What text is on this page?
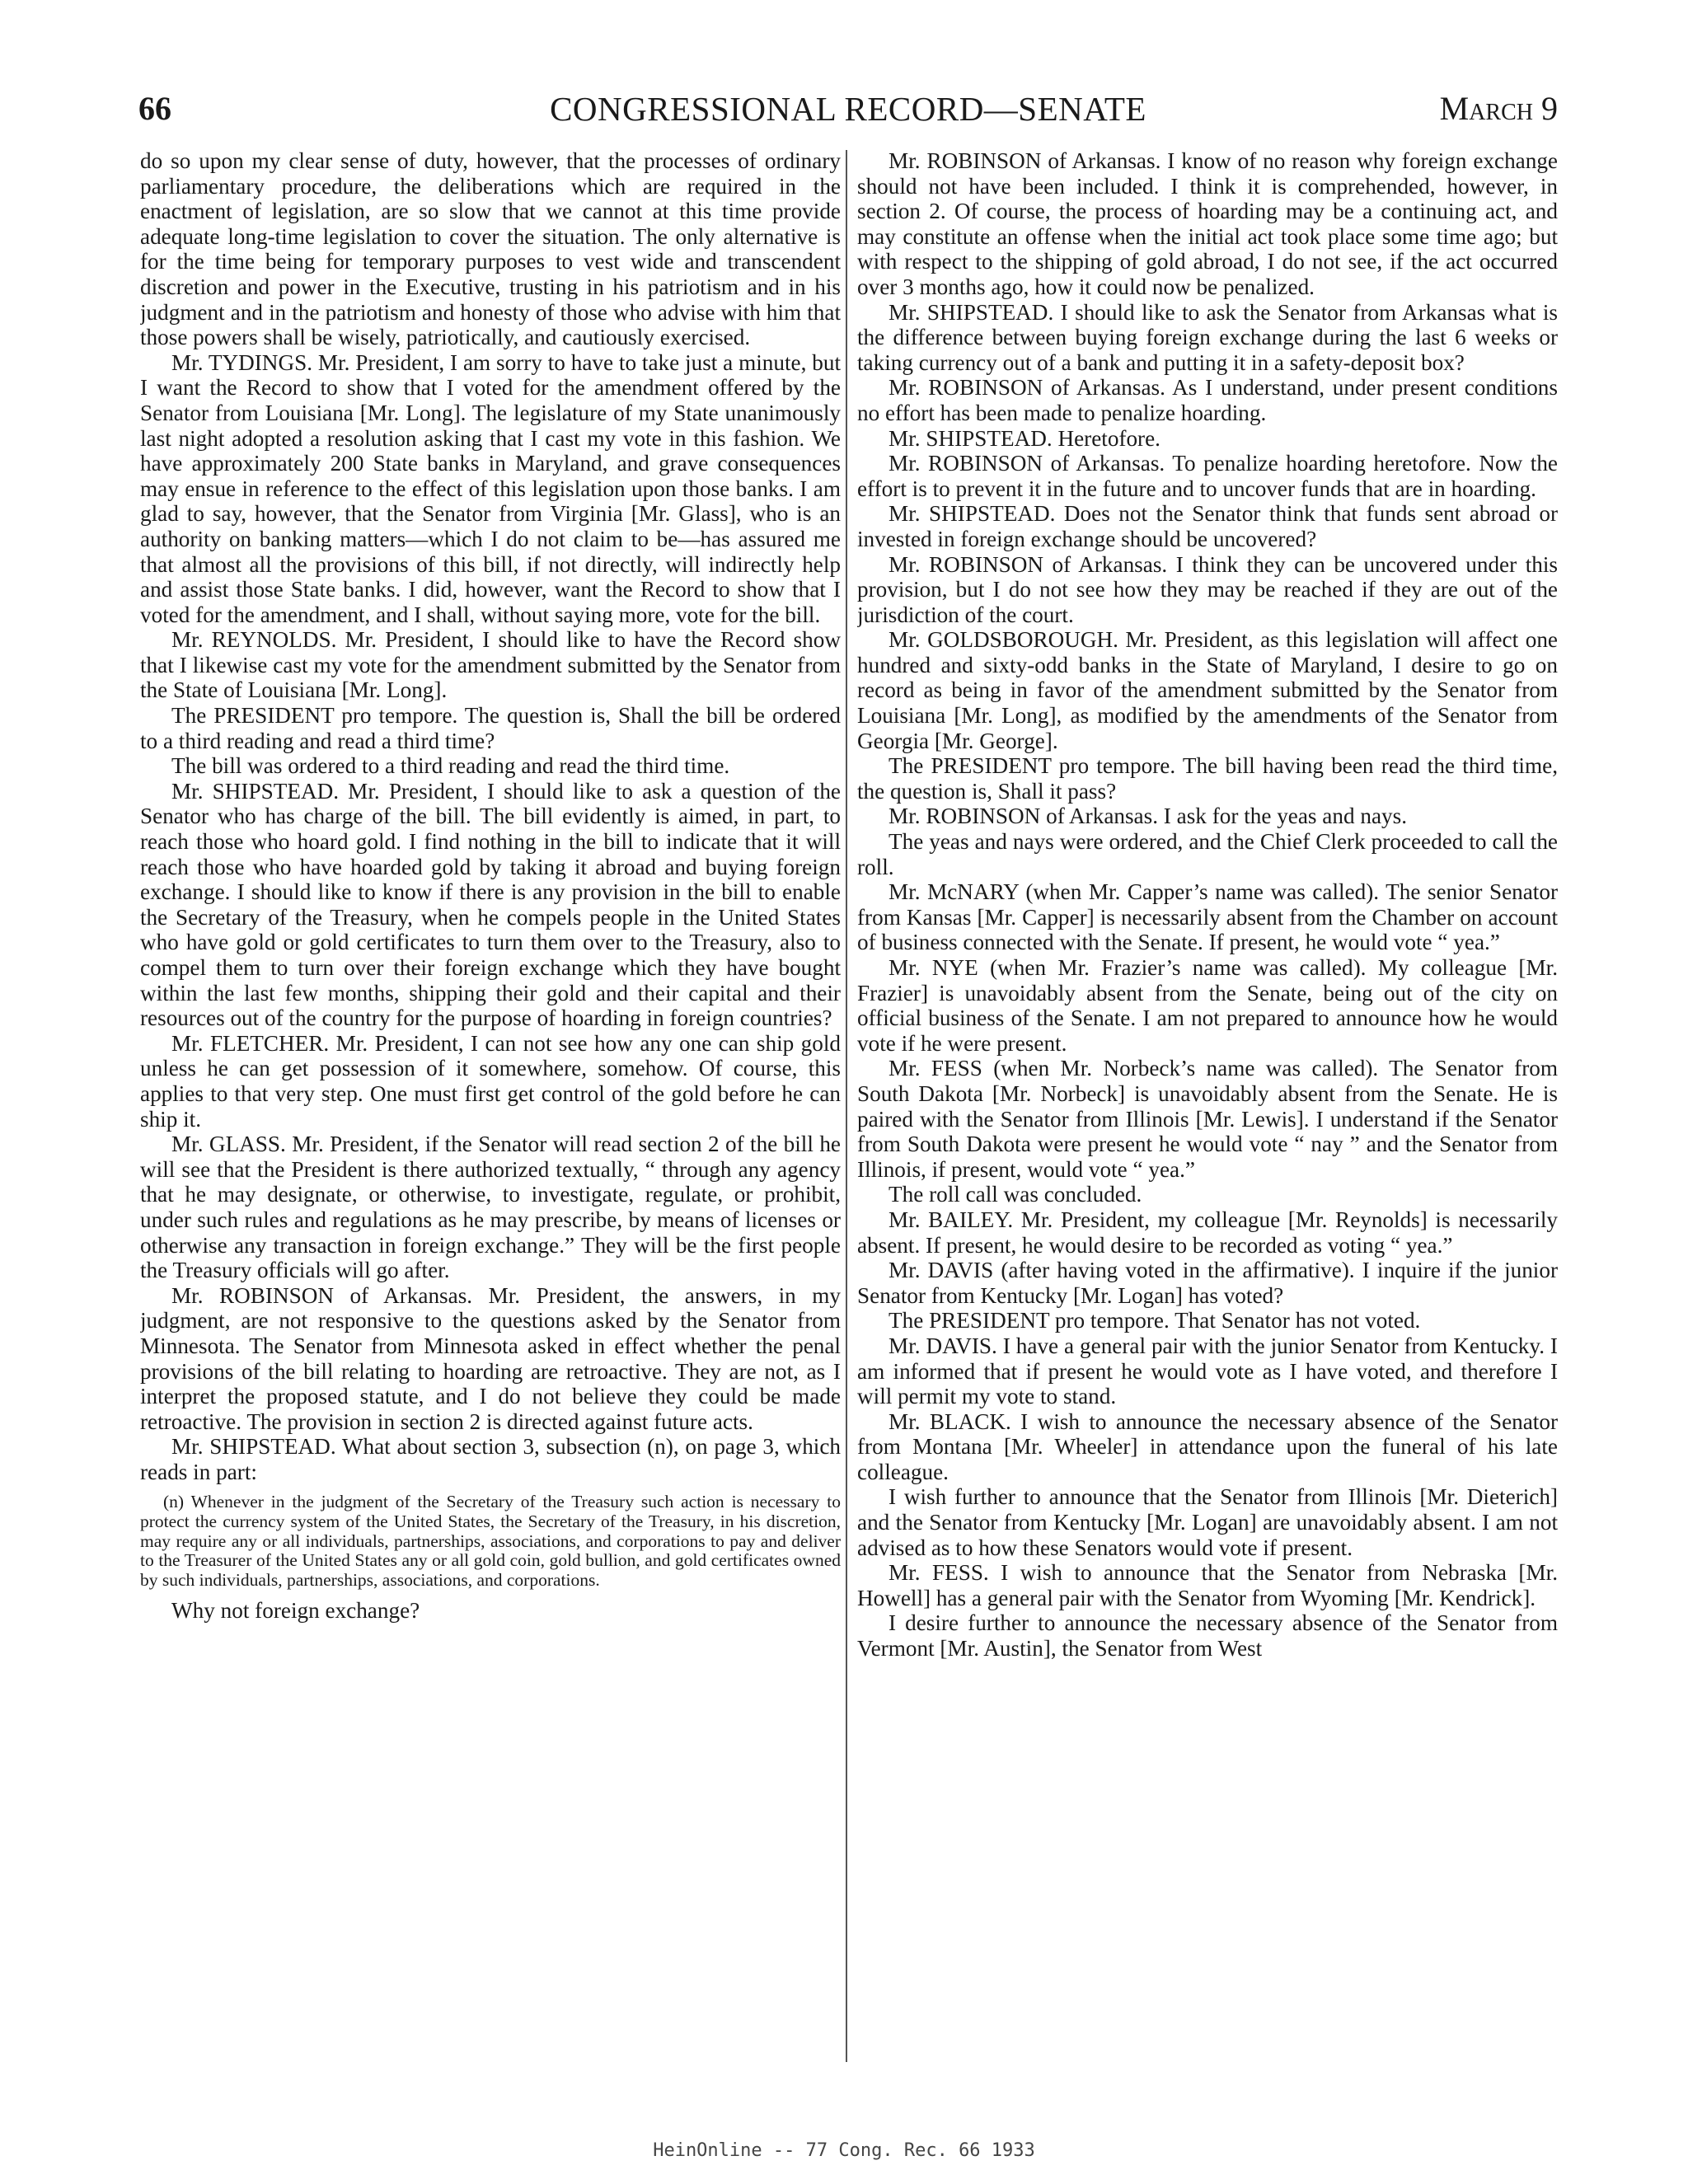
66	CONGRESSIONAL RECORD—SENATE	March 9

do so upon my clear sense of duty, however, that the processes of ordinary parliamentary procedure, the deliberations which are required in the enactment of legislation, are so slow that we cannot at this time provide adequate long-time legislation to cover the situation. The only alternative is for the time being for temporary purposes to vest wide and transcendent discretion and power in the Executive, trusting in his patriotism and in his judgment and in the patriotism and honesty of those who advise with him that those powers shall be wisely, patriotically, and cautiously exercised.

Mr. TYDINGS. Mr. President, I am sorry to have to take just a minute, but I want the Record to show that I voted for the amendment offered by the Senator from Louisiana [Mr. Long]. The legislature of my State unanimously last night adopted a resolution asking that I cast my vote in this fashion. We have approximately 200 State banks in Maryland, and grave consequences may ensue in reference to the effect of this legislation upon those banks. I am glad to say, however, that the Senator from Virginia [Mr. Glass], who is an authority on banking matters—which I do not claim to be—has assured me that almost all the provisions of this bill, if not directly, will indirectly help and assist those State banks. I did, however, want the Record to show that I voted for the amendment, and I shall, without saying more, vote for the bill.

Mr. REYNOLDS. Mr. President, I should like to have the Record show that I likewise cast my vote for the amendment submitted by the Senator from the State of Louisiana [Mr. Long].

The PRESIDENT pro tempore. The question is, Shall the bill be ordered to a third reading and read a third time?

The bill was ordered to a third reading and read the third time.

Mr. SHIPSTEAD. Mr. President, I should like to ask a question of the Senator who has charge of the bill. The bill evidently is aimed, in part, to reach those who hoard gold. I find nothing in the bill to indicate that it will reach those who have hoarded gold by taking it abroad and buying foreign exchange. I should like to know if there is any provision in the bill to enable the Secretary of the Treasury, when he compels people in the United States who have gold or gold certificates to turn them over to the Treasury, also to compel them to turn over their foreign exchange which they have bought within the last few months, shipping their gold and their capital and their resources out of the country for the purpose of hoarding in foreign countries?

Mr. FLETCHER. Mr. President, I can not see how any one can ship gold unless he can get possession of it somewhere, somehow. Of course, this applies to that very step. One must first get control of the gold before he can ship it.

Mr. GLASS. Mr. President, if the Senator will read section 2 of the bill he will see that the President is there authorized textually, “ through any agency that he may designate, or otherwise, to investigate, regulate, or prohibit, under such rules and regulations as he may prescribe, by means of licenses or otherwise any transaction in foreign exchange.” They will be the first people the Treasury officials will go after.

Mr. ROBINSON of Arkansas. Mr. President, the answers, in my judgment, are not responsive to the questions asked by the Senator from Minnesota. The Senator from Minnesota asked in effect whether the penal provisions of the bill relating to hoarding are retroactive. They are not, as I interpret the proposed statute, and I do not believe they could be made retroactive. The provision in section 2 is directed against future acts.

Mr. SHIPSTEAD. What about section 3, subsection (n), on page 3, which reads in part:

(n) Whenever in the judgment of the Secretary of the Treasury such action is necessary to protect the currency system of the United States, the Secretary of the Treasury, in his discretion, may require any or all individuals, partnerships, associations, and corporations to pay and deliver to the Treasurer of the United States any or all gold coin, gold bullion, and gold certificates owned by such individuals, partnerships, associations, and corporations.

Why not foreign exchange?

Mr. ROBINSON of Arkansas. I know of no reason why foreign exchange should not have been included. I think it is comprehended, however, in section 2. Of course, the process of hoarding may be a continuing act, and may constitute an offense when the initial act took place some time ago; but with respect to the shipping of gold abroad, I do not see, if the act occurred over 3 months ago, how it could now be penalized.

Mr. SHIPSTEAD. I should like to ask the Senator from Arkansas what is the difference between buying foreign exchange during the last 6 weeks or taking currency out of a bank and putting it in a safety-deposit box?

Mr. ROBINSON of Arkansas. As I understand, under present conditions no effort has been made to penalize hoarding.

Mr. SHIPSTEAD. Heretofore.

Mr. ROBINSON of Arkansas. To penalize hoarding heretofore. Now the effort is to prevent it in the future and to uncover funds that are in hoarding.

Mr. SHIPSTEAD. Does not the Senator think that funds sent abroad or invested in foreign exchange should be uncovered?

Mr. ROBINSON of Arkansas. I think they can be uncovered under this provision, but I do not see how they may be reached if they are out of the jurisdiction of the court.

Mr. GOLDSBOROUGH. Mr. President, as this legislation will affect one hundred and sixty-odd banks in the State of Maryland, I desire to go on record as being in favor of the amendment submitted by the Senator from Louisiana [Mr. Long], as modified by the amendments of the Senator from Georgia [Mr. George].

The PRESIDENT pro tempore. The bill having been read the third time, the question is, Shall it pass?

Mr. ROBINSON of Arkansas. I ask for the yeas and nays.

The yeas and nays were ordered, and the Chief Clerk proceeded to call the roll.

Mr. McNARY (when Mr. Capper’s name was called). The senior Senator from Kansas [Mr. Capper] is necessarily absent from the Chamber on account of business connected with the Senate. If present, he would vote “ yea.”

Mr. NYE (when Mr. Frazier’s name was called). My colleague [Mr. Frazier] is unavoidably absent from the Senate, being out of the city on official business of the Senate. I am not prepared to announce how he would vote if he were present.

Mr. FESS (when Mr. Norbeck’s name was called). The Senator from South Dakota [Mr. Norbeck] is unavoidably absent from the Senate. He is paired with the Senator from Illinois [Mr. Lewis]. I understand if the Senator from South Dakota were present he would vote “ nay ” and the Senator from Illinois, if present, would vote “ yea.”

The roll call was concluded.

Mr. BAILEY. Mr. President, my colleague [Mr. Reynolds] is necessarily absent. If present, he would desire to be recorded as voting “ yea.”

Mr. DAVIS (after having voted in the affirmative). I inquire if the junior Senator from Kentucky [Mr. Logan] has voted?

The PRESIDENT pro tempore. That Senator has not voted.

Mr. DAVIS. I have a general pair with the junior Senator from Kentucky. I am informed that if present he would vote as I have voted, and therefore I will permit my vote to stand.

Mr. BLACK. I wish to announce the necessary absence of the Senator from Montana [Mr. Wheeler] in attendance upon the funeral of his late colleague.

I wish further to announce that the Senator from Illinois [Mr. Dieterich] and the Senator from Kentucky [Mr. Logan] are unavoidably absent. I am not advised as to how these Senators would vote if present.

Mr. FESS. I wish to announce that the Senator from Nebraska [Mr. Howell] has a general pair with the Senator from Wyoming [Mr. Kendrick].

I desire further to announce the necessary absence of the Senator from Vermont [Mr. Austin], the Senator from West

HeinOnline -- 77 Cong. Rec. 66 1933
